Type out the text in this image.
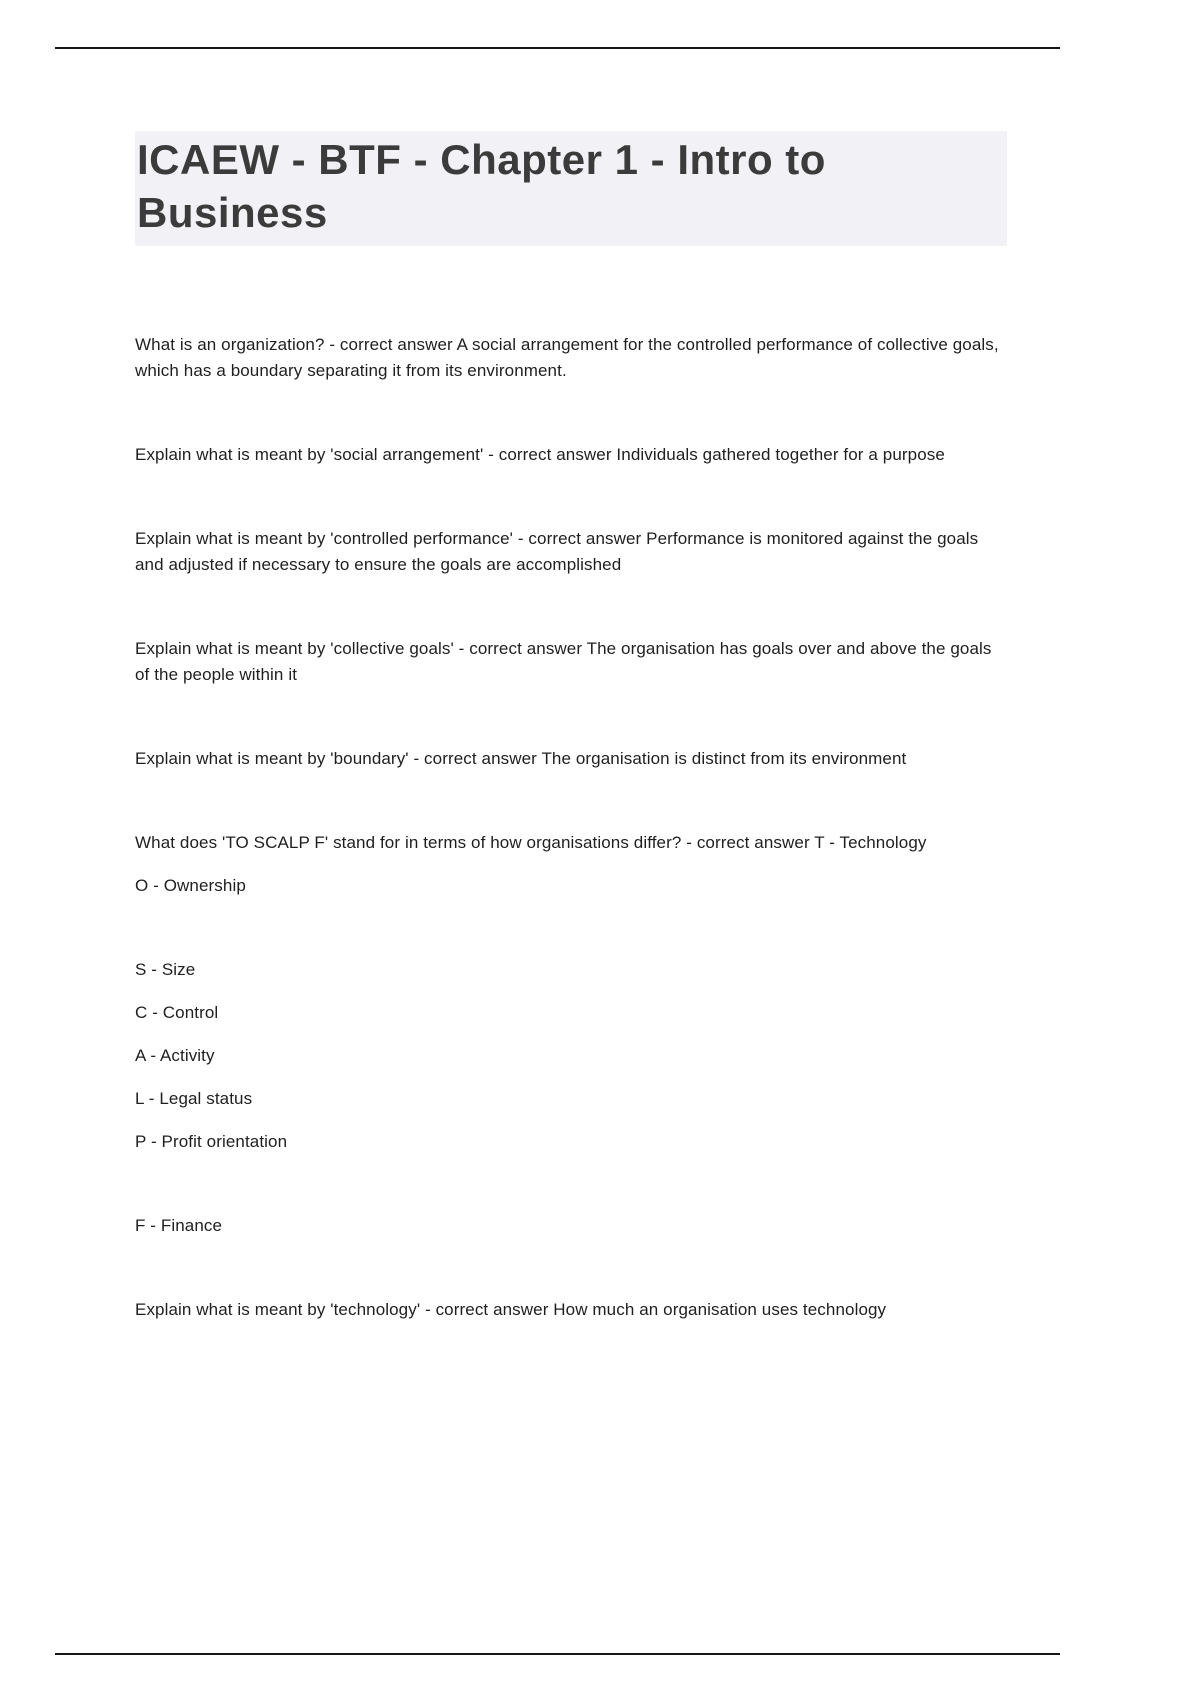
ICAEW - BTF - Chapter 1 - Intro to Business

What is an organization? - correct answer A social arrangement for the controlled performance of collective goals, which has a boundary separating it from its environment.

Explain what is meant by 'social arrangement' - correct answer Individuals gathered together for a purpose

Explain what is meant by 'controlled performance' - correct answer Performance is monitored against the goals and adjusted if necessary to ensure the goals are accomplished

Explain what is meant by 'collective goals' - correct answer The organisation has goals over and above the goals of the people within it

Explain what is meant by 'boundary' - correct answer The organisation is distinct from its environment

What does 'TO SCALP F' stand for in terms of how organisations differ? - correct answer T - Technology

O - Ownership

S - Size

C - Control

A - Activity

L - Legal status

P - Profit orientation

F - Finance

Explain what is meant by 'technology' - correct answer How much an organisation uses technology
